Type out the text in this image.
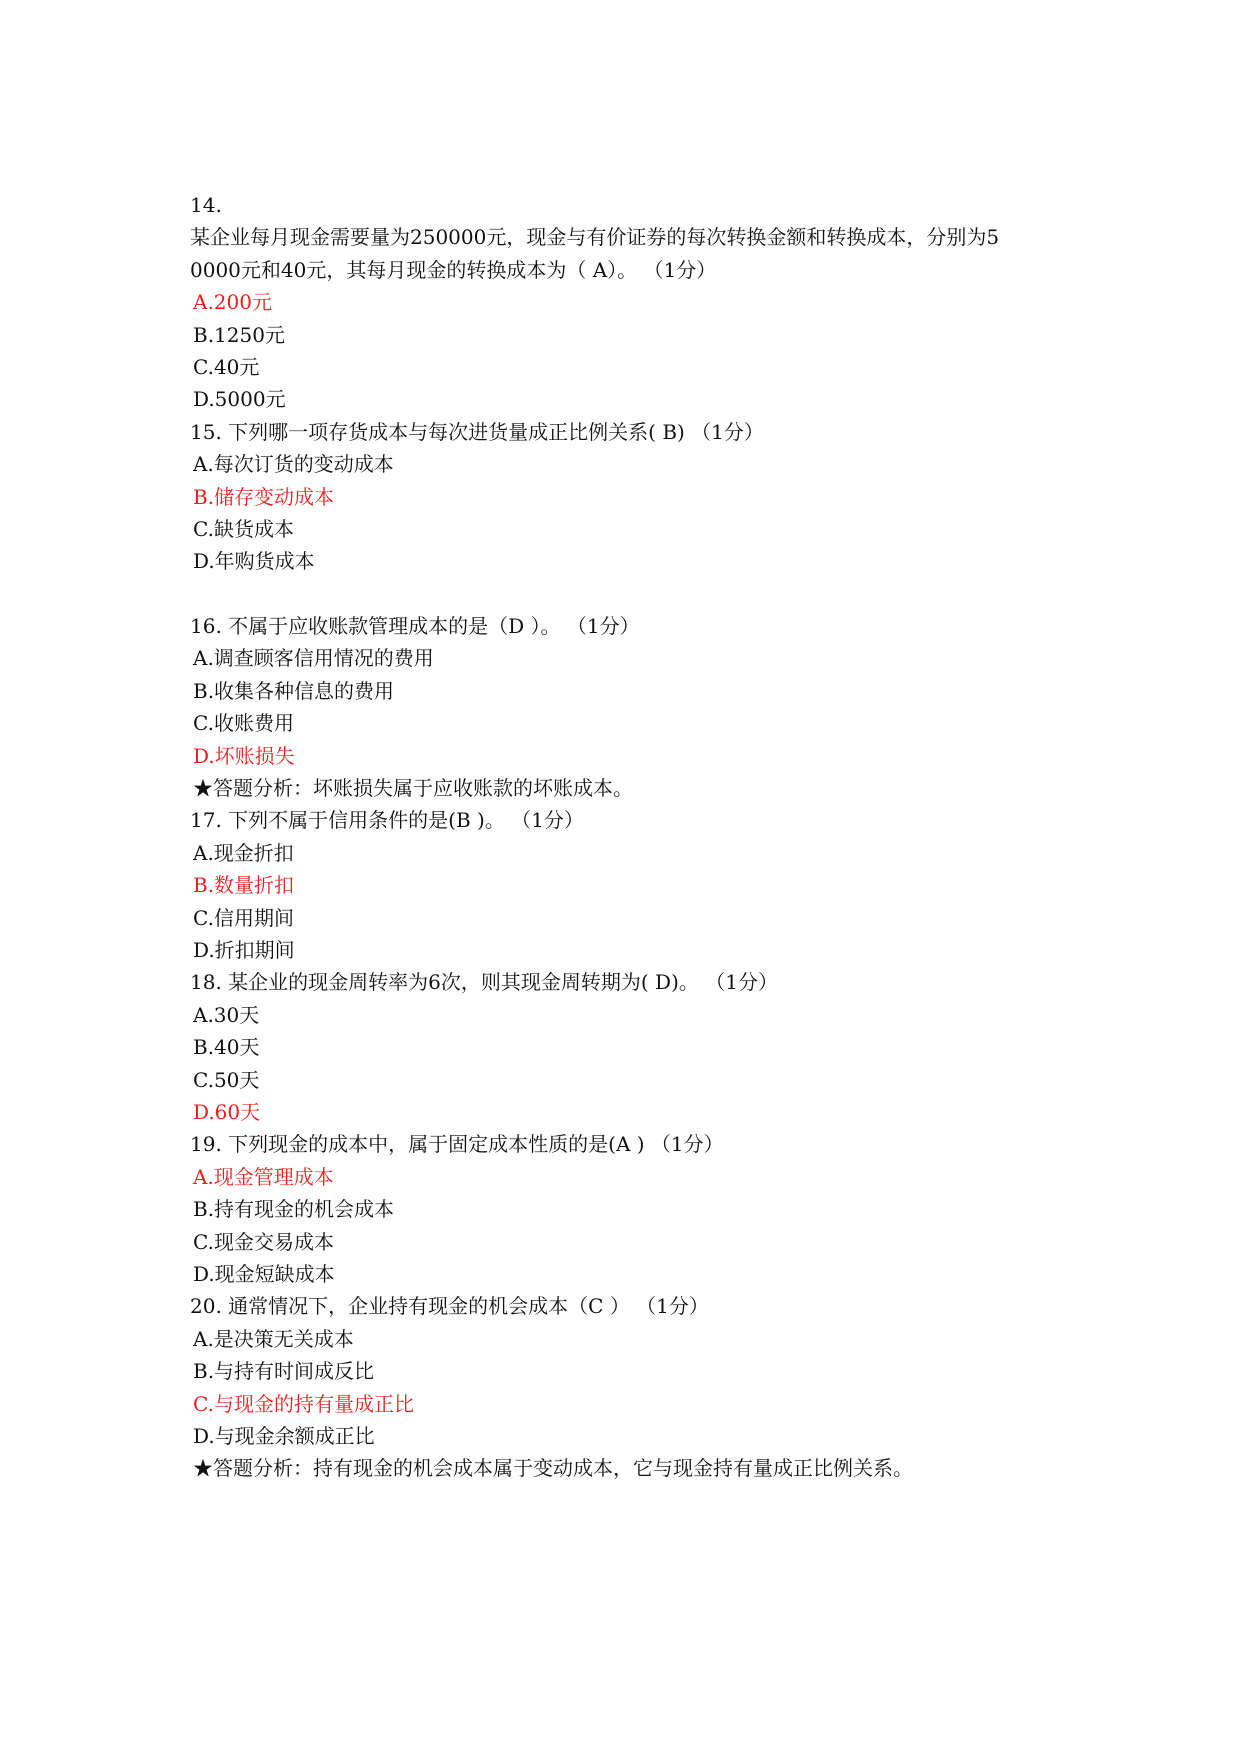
14.
某企业每月现金需要量为250000元，现金与有价证券的每次转换金额和转换成本，分别为5
0000元和40元，其每月现金的转换成本为（ A）。 （1分）
A.200元
B.1250元
C.40元
D.5000元
15. 下列哪一项存货成本与每次进货量成正比例关系( B) （1分）
A.每次订货的变动成本
B.储存变动成本
C.缺货成本
D.年购货成本
16. 不属于应收账款管理成本的是（D ）。 （1分）
A.调查顾客信用情况的费用
B.收集各种信息的费用
C.收账费用
D.坏账损失
★答题分析：坏账损失属于应收账款的坏账成本。
17. 下列不属于信用条件的是(B )。 （1分）
A.现金折扣
B.数量折扣
C.信用期间
D.折扣期间
18. 某企业的现金周转率为6次，则其现金周转期为( D)。 （1分）
A.30天
B.40天
C.50天
D.60天
19. 下列现金的成本中，属于固定成本性质的是(A ) （1分）
A.现金管理成本
B.持有现金的机会成本
C.现金交易成本
D.现金短缺成本
20. 通常情况下，企业持有现金的机会成本（C ） （1分）
A.是决策无关成本
B.与持有时间成反比
C.与现金的持有量成正比
D.与现金余额成正比
★答题分析：持有现金的机会成本属于变动成本，它与现金持有量成正比例关系。
